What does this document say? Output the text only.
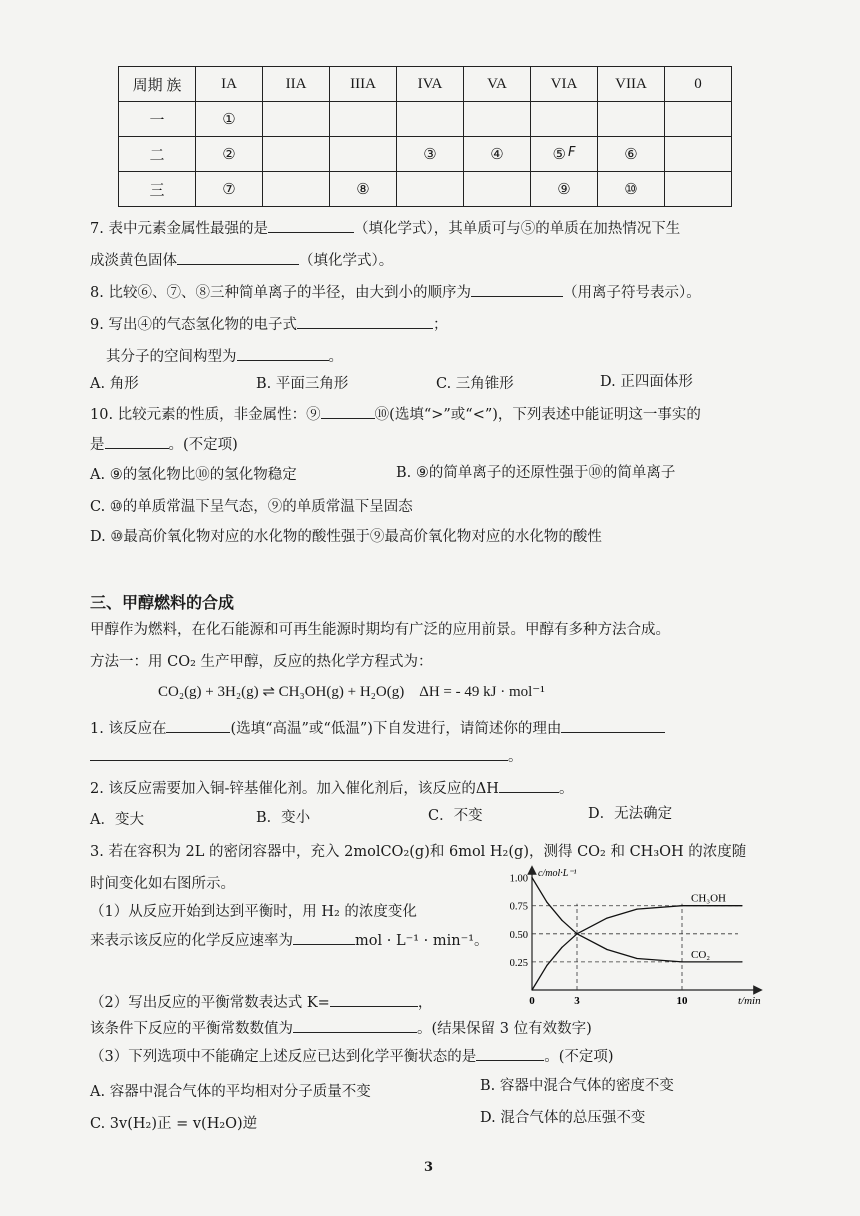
周期 族	IA	IIA	IIIA	IVA	VA	VIA	VIIA	0
一	①							
二	②			③	④	⑤ F	⑥	
三	⑦		⑧			⑨	⑩	
7. 表中元素金属性最强的是	（填化学式），其单质可与⑤的单质在加热情况下生
成淡黄色固体	（填化学式）。
8. 比较⑥、⑦、⑧三种简单离子的半径，由大到小的顺序为	（用离子符号表示）。
9. 写出④的气态氢化物的电子式	；
其分子的空间构型为	。
A. 角形	B. 平面三角形	C. 三角锥形	D. 正四面体形
10. 比较元素的性质，非金属性：⑨	⑩(选填“>”或“<”)，下列表述中能证明这一事实的
是	。(不定项)
A. ⑨的氢化物比⑩的氢化物稳定	B. ⑨的简单离子的还原性强于⑩的简单离子
C. ⑩的单质常温下呈气态，⑨的单质常温下呈固态
D. ⑩最高价氧化物对应的水化物的酸性强于⑨最高价氧化物对应的水化物的酸性
三、甲醇燃料的合成
甲醇作为燃料，在化石能源和可再生能源时期均有广泛的应用前景。甲醇有多种方法合成。
方法一：用 CO₂ 生产甲醇，反应的热化学方程式为：
CO₂(g) + 3H₂(g) ⇌ CH₃OH(g) + H₂O(g)    ΔH = - 49 kJ · mol⁻¹
1. 该反应在	(选填“高温”或“低温”)下自发进行，请简述你的理由
。
2. 该反应需要加入铜-锌基催化剂。加入催化剂后，该反应的ΔH	。
A．变大	B．变小	C．不变	D．无法确定
3. 若在容积为 2L 的密闭容器中，充入 2molCO₂(g)和 6mol H₂(g)，测得 CO₂ 和 CH₃OH 的浓度随
时间变化如右图所示。
（1）从反应开始到达到平衡时，用 H₂ 的浓度变化
来表示该反应的化学反应速率为	mol · L⁻¹ · min⁻¹。
（2）写出反应的平衡常数表达式 K=	，
该条件下反应的平衡常数数值为	。(结果保留 3 位有效数字)
（3）下列选项中不能确定上述反应已达到化学平衡状态的是	。(不定项)
A. 容器中混合气体的平均相对分子质量不变	B. 容器中混合气体的密度不变
C. 3v(H₂)正 = v(H₂O)逆	D. 混合气体的总压强不变
1.00
0.75
0.50
0.25
0	3	10
CH₃OH
CO₂
c/mol·L⁻¹
t/min
3
